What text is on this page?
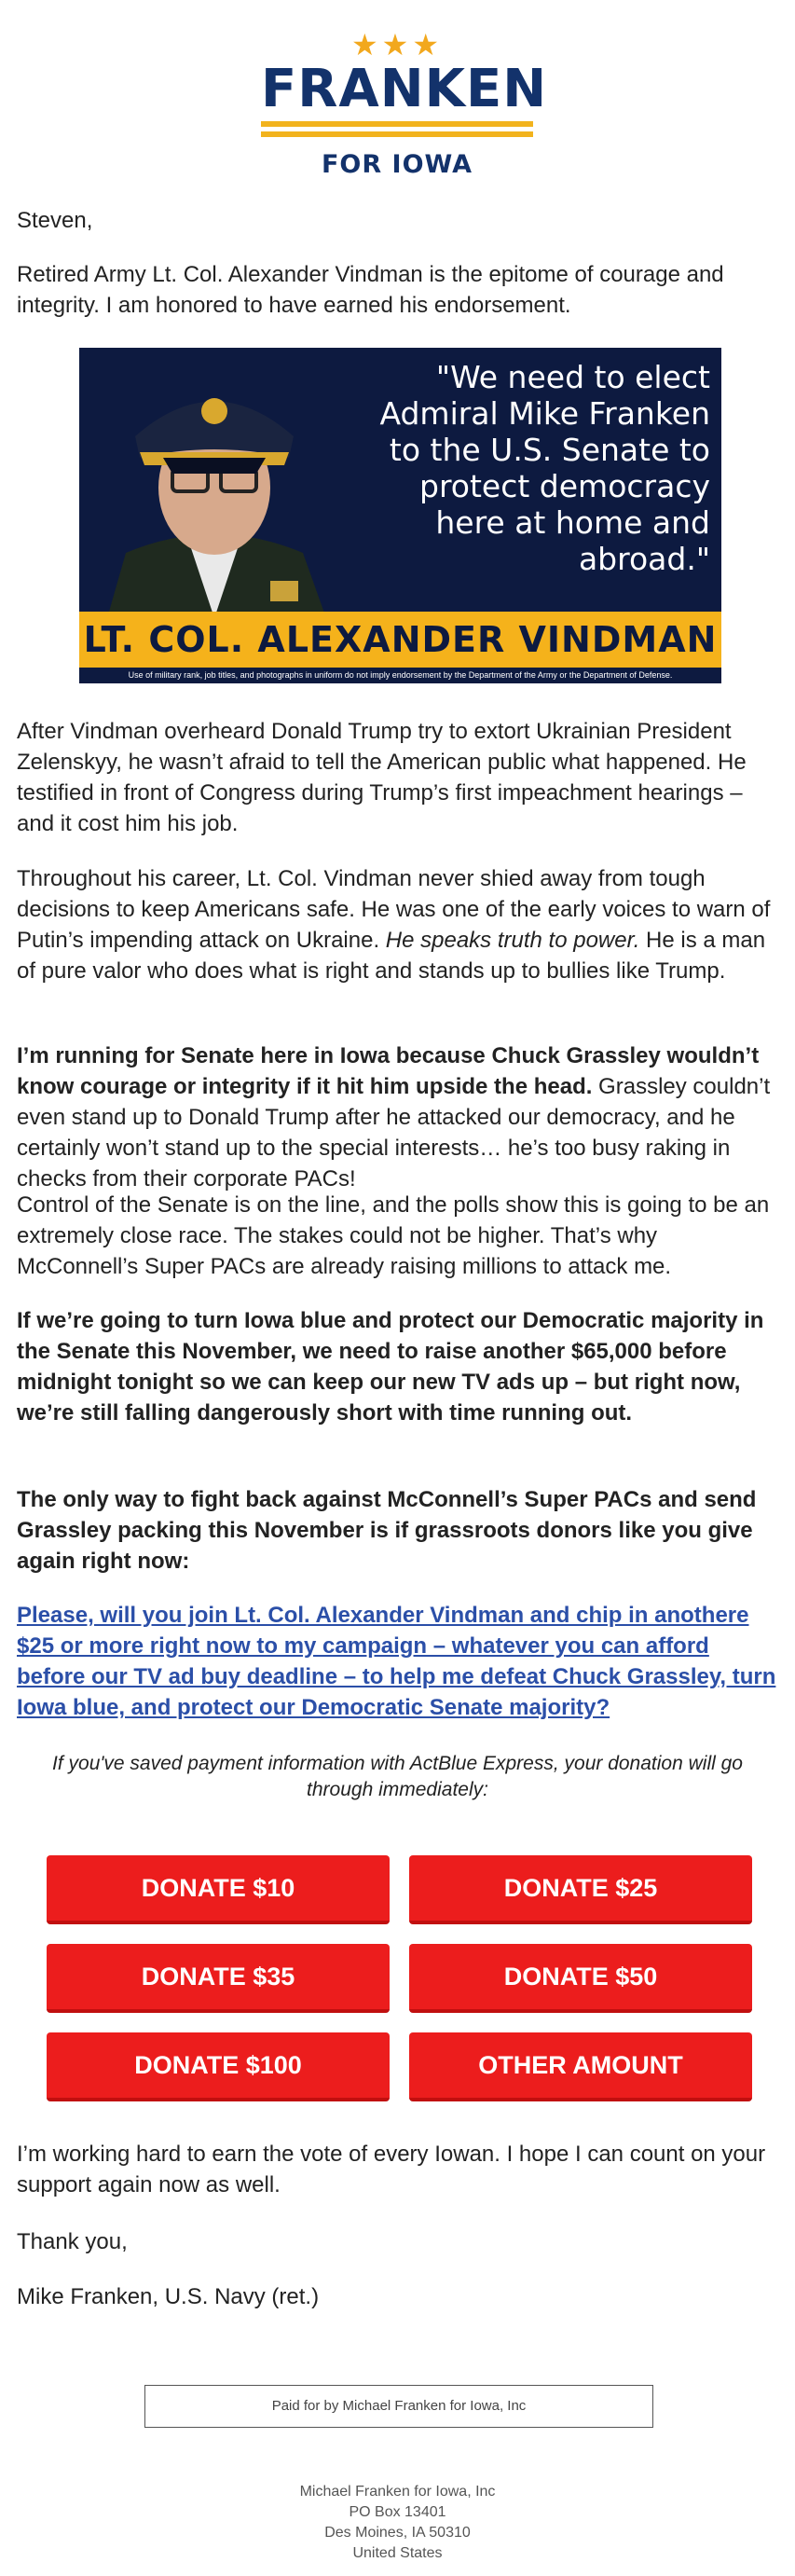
★★★
FRANKEN
FOR IOWA

Steven,

Retired Army Lt. Col. Alexander Vindman is the epitome of courage and integrity. I am honored to have earned his endorsement.

"We need to elect
Admiral Mike Franken
to the U.S. Senate to
protect democracy
here at home and
abroad."
LT. COL. ALEXANDER VINDMAN
Use of military rank, job titles, and photographs in uniform do not imply endorsement by the Department of the Army or the Department of Defense.

After Vindman overheard Donald Trump try to extort Ukrainian President Zelenskyy, he wasn’t afraid to tell the American public what happened. He testified in front of Congress during Trump’s first impeachment hearings – and it cost him his job.

Throughout his career, Lt. Col. Vindman never shied away from tough decisions to keep Americans safe. He was one of the early voices to warn of Putin’s impending attack on Ukraine. He speaks truth to power. He is a man of pure valor who does what is right and stands up to bullies like Trump.

I’m running for Senate here in Iowa because Chuck Grassley wouldn’t know courage or integrity if it hit him upside the head. Grassley couldn’t even stand up to Donald Trump after he attacked our democracy, and he certainly won’t stand up to the special interests… he’s too busy raking in checks from their corporate PACs!

Control of the Senate is on the line, and the polls show this is going to be an extremely close race. The stakes could not be higher. That’s why McConnell’s Super PACs are already raising millions to attack me.

If we’re going to turn Iowa blue and protect our Democratic majority in the Senate this November, we need to raise another $65,000 before midnight tonight so we can keep our new TV ads up – but right now, we’re still falling dangerously short with time running out.

The only way to fight back against McConnell’s Super PACs and send Grassley packing this November is if grassroots donors like you give again right now:

Please, will you join Lt. Col. Alexander Vindman and chip in anothere $25 or more right now to my campaign – whatever you can afford before our TV ad buy deadline – to help me defeat Chuck Grassley, turn Iowa blue, and protect our Democratic Senate majority?

If you've saved payment information with ActBlue Express, your donation will go through immediately:
DONATE $10	DONATE $25
DONATE $35	DONATE $50
DONATE $100	OTHER AMOUNT

I’m working hard to earn the vote of every Iowan. I hope I can count on your support again now as well.

Thank you,

Mike Franken, U.S. Navy (ret.)

Paid for by Michael Franken for Iowa, Inc
Michael Franken for Iowa, Inc
PO Box 13401
Des Moines, IA 50310
United States
